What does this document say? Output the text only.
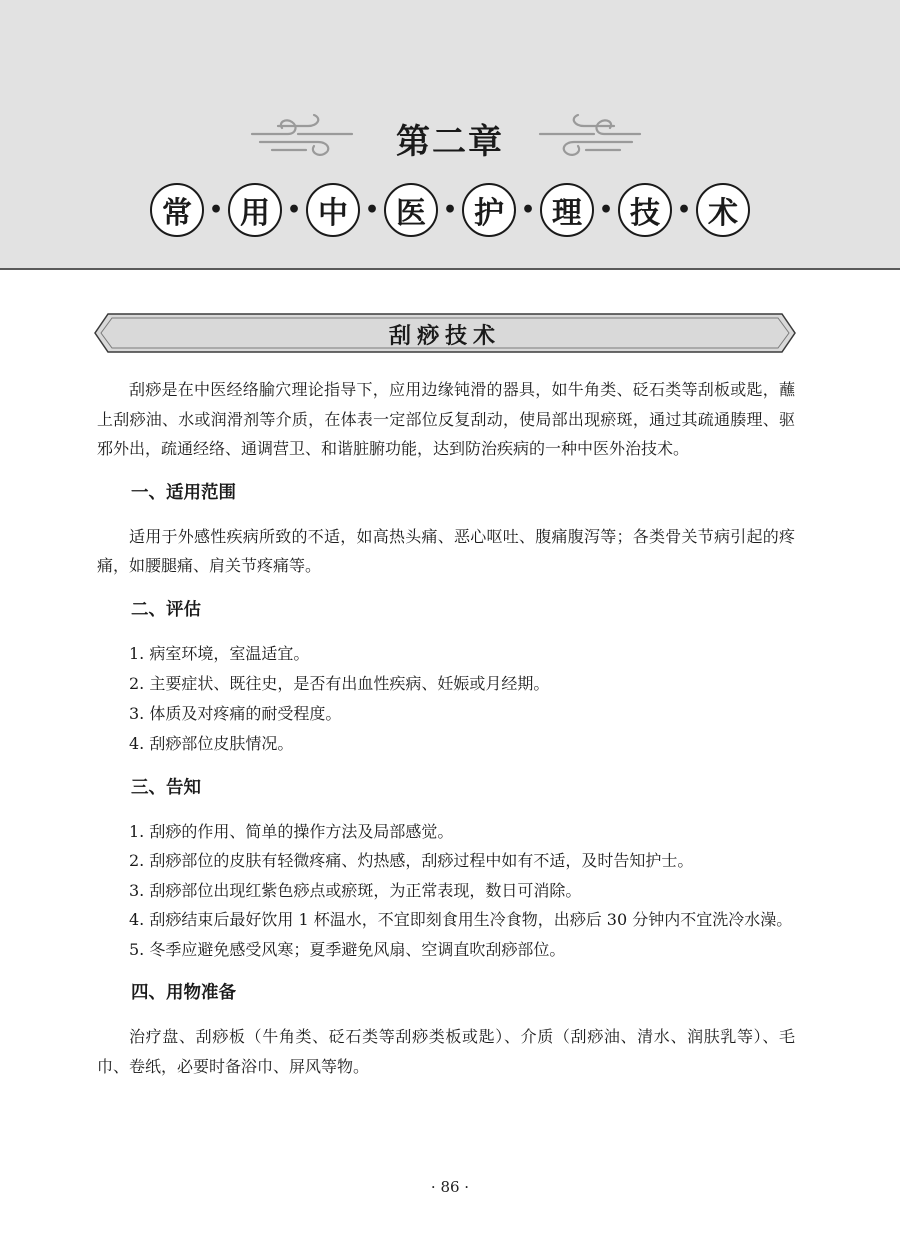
第二章
常 • 用 • 中 • 医 • 护 • 理 • 技 • 术
刮痧技术

刮痧是在中医经络腧穴理论指导下，应用边缘钝滑的器具，如牛角类、砭石类等刮板或匙，蘸上刮痧油、水或润滑剂等介质，在体表一定部位反复刮动，使局部出现瘀斑，通过其疏通腠理、驱邪外出，疏通经络、通调营卫、和谐脏腑功能，达到防治疾病的一种中医外治技术。

一、适用范围

适用于外感性疾病所致的不适，如高热头痛、恶心呕吐、腹痛腹泻等；各类骨关节病引起的疼痛，如腰腿痛、肩关节疼痛等。

二、评估
1. 病室环境，室温适宜。
2. 主要症状、既往史，是否有出血性疾病、妊娠或月经期。
3. 体质及对疼痛的耐受程度。
4. 刮痧部位皮肤情况。
三、告知
1. 刮痧的作用、简单的操作方法及局部感觉。
2. 刮痧部位的皮肤有轻微疼痛、灼热感，刮痧过程中如有不适，及时告知护士。
3. 刮痧部位出现红紫色痧点或瘀斑，为正常表现，数日可消除。
4. 刮痧结束后最好饮用 1 杯温水，不宜即刻食用生冷食物，出痧后 30 分钟内不宜洗冷水澡。
5. 冬季应避免感受风寒；夏季避免风扇、空调直吹刮痧部位。
四、用物准备

治疗盘、刮痧板（牛角类、砭石类等刮痧类板或匙）、介质（刮痧油、清水、润肤乳等）、毛巾、卷纸，必要时备浴巾、屏风等物。

· 86 ·
